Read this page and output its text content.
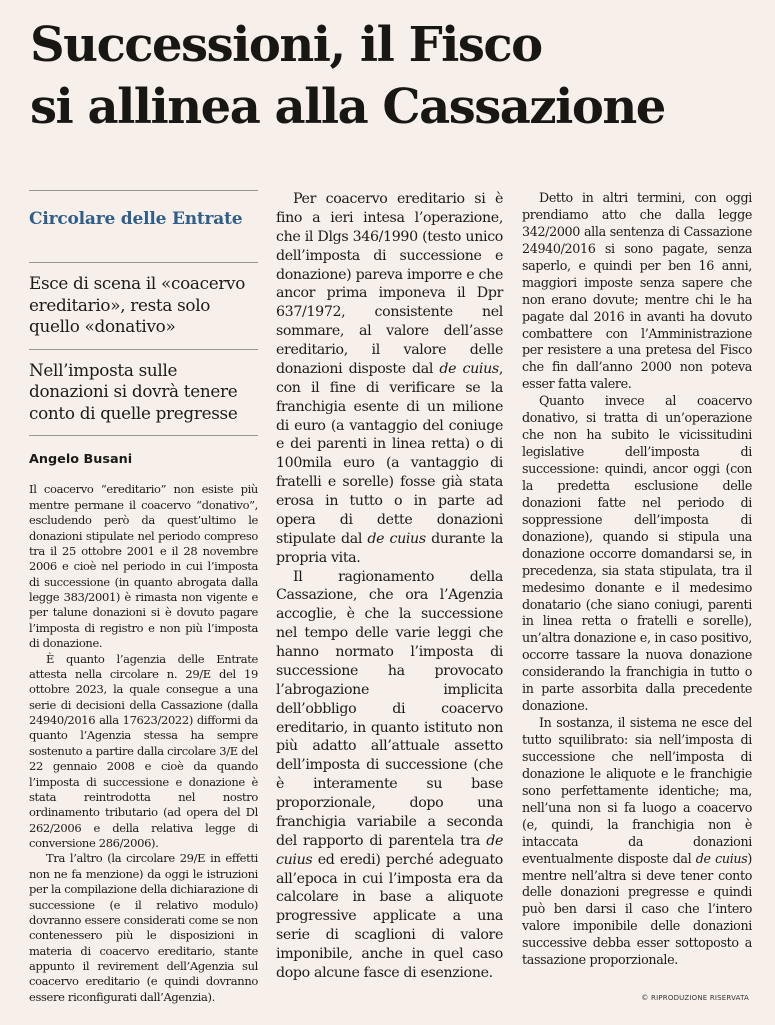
Successioni, il Fisco
si allinea alla Cassazione
Circolare delle Entrate
Esce di scena il «coacervo ereditario», resta solo quello «donativo»
Nell’imposta sulle donazioni si dovrà tenere conto di quelle pregresse
Angelo Busani

Il coacervo “ereditario” non esiste più mentre permane il coacervo “donativo”, escludendo però da quest’ultimo le donazioni stipulate nel periodo compreso tra il 25 ottobre 2001 e il 28 novembre 2006 e cioè nel periodo in cui l’imposta di successione (in quanto abrogata dalla legge 383/2001) è rimasta non vigente e per talune donazioni si è dovuto pagare l’imposta di registro e non più l’imposta di donazione.

È quanto l’agenzia delle Entrate attesta nella circolare n. 29/E del 19 ottobre 2023, la quale consegue a una serie di decisioni della Cassazione (dalla 24940/2016 alla 17623/2022) difformi da quanto l’Agenzia stessa ha sempre sostenuto a partire dalla circolare 3/E del 22 gennaio 2008 e cioè da quando l’imposta di successione e donazione è stata reintrodotta nel nostro ordinamento tributario (ad opera del Dl 262/2006 e della relativa legge di conversione 286/2006).

Tra l’altro (la circolare 29/E in effetti non ne fa menzione) da oggi le istruzioni per la compilazione della dichiarazione di successione (e il relativo modulo) dovranno essere considerati come se non contenessero più le disposizioni in materia di coacervo ereditario, stante appunto il revirement dell’Agenzia sul coacervo ereditario (e quindi dovranno essere riconfigurati dall’Agenzia).

Per coacervo ereditario si è fino a ieri intesa l’operazione, che il Dlgs 346/1990 (testo unico dell’imposta di successione e donazione) pareva imporre e che ancor prima imponeva il Dpr 637/1972, consistente nel sommare, al valore dell’asse ereditario, il valore delle donazioni disposte dal de cuius, con il fine di verificare se la franchigia esente di un milione di euro (a vantaggio del coniuge e dei parenti in linea retta) o di 100mila euro (a vantaggio di fratelli e sorelle) fosse già stata erosa in tutto o in parte ad opera di dette donazioni stipulate dal de cuius durante la propria vita.

Il ragionamento della Cassazione, che ora l’Agenzia accoglie, è che la successione nel tempo delle varie leggi che hanno normato l’imposta di successione ha provocato l’abrogazione implicita dell’obbligo di coacervo ereditario, in quanto istituto non più adatto all’attuale assetto dell’imposta di successione (che è interamente su base proporzionale, dopo una franchigia variabile a seconda del rapporto di parentela tra de cuius ed eredi) perché adeguato all’epoca in cui l’imposta era da calcolare in base a aliquote progressive applicate a una serie di scaglioni di valore imponibile, anche in quel caso dopo alcune fasce di esenzione.

Detto in altri termini, con oggi prendiamo atto che dalla legge 342/2000 alla sentenza di Cassazione 24940/2016 si sono pagate, senza saperlo, e quindi per ben 16 anni, maggiori imposte senza sapere che non erano dovute; mentre chi le ha pagate dal 2016 in avanti ha dovuto combattere con l’Amministrazione per resistere a una pretesa del Fisco che fin dall’anno 2000 non poteva esser fatta valere.

Quanto invece al coacervo donativo, si tratta di un’operazione che non ha subito le vicissitudini legislative dell’imposta di successione: quindi, ancor oggi (con la predetta esclusione delle donazioni fatte nel periodo di soppressione dell’imposta di donazione), quando si stipula una donazione occorre domandarsi se, in precedenza, sia stata stipulata, tra il medesimo donante e il medesimo donatario (che siano coniugi, parenti in linea retta o fratelli e sorelle), un’altra donazione e, in caso positivo, occorre tassare la nuova donazione considerando la franchigia in tutto o in parte assorbita dalla precedente donazione.

In sostanza, il sistema ne esce del tutto squilibrato: sia nell’imposta di successione che nell’imposta di donazione le aliquote e le franchigie sono perfettamente identiche; ma, nell’una non si fa luogo a coacervo (e, quindi, la franchigia non è intaccata da donazioni eventualmente disposte dal de cuius) mentre nell’altra si deve tener conto delle donazioni pregresse e quindi può ben darsi il caso che l’intero valore imponibile delle donazioni successive debba esser sottoposto a tassazione proporzionale.

© RIPRODUZIONE RISERVATA
